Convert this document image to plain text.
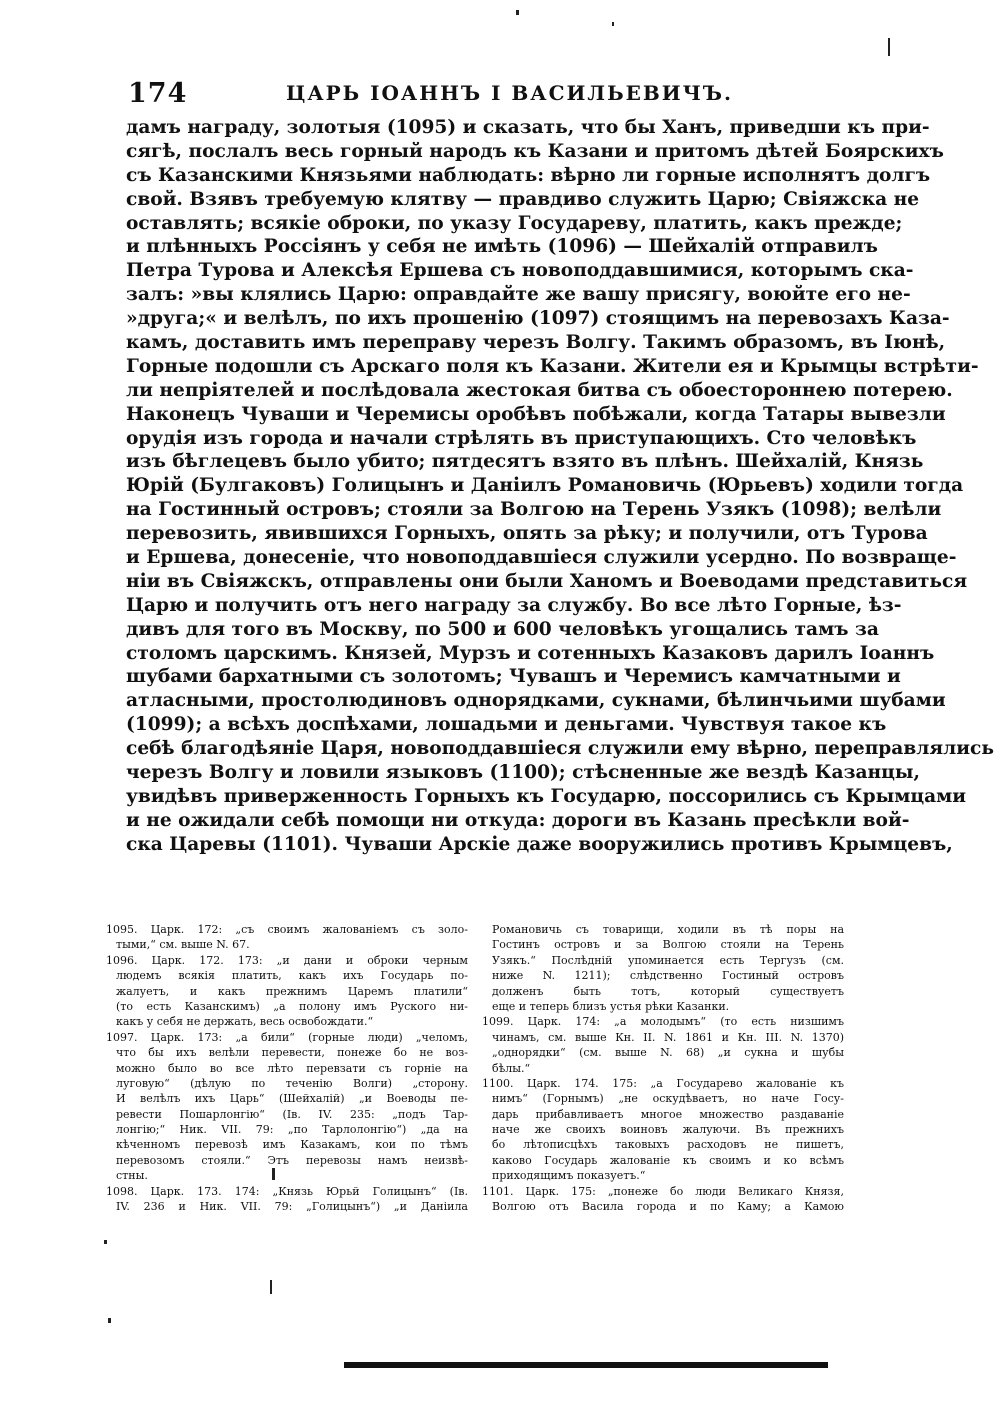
174	ЦАРЬ ІОАННЪ І ВАСИЛЬЕВИЧЪ.
дамъ награду, золотыя (1095) и сказать, что бы Ханъ, приведши къ при-
сягѣ, послалъ весь горный народъ къ Казани и притомъ дѣтей Боярскихъ
съ Казанскими Князьями наблюдать: вѣрно ли горные исполнятъ долгъ
свой. Взявъ требуемую клятву — правдиво служить Царю; Свіяжска не
оставлять; всякіе оброки, по указу Государеву, платить, какъ прежде;
и плѣнныхъ Россіянъ у себя не имѣть (1096) — Шейхалій отправилъ
Петра Турова и Алексѣя Ершева съ новоподдавшимися, которымъ ска-
залъ: »вы клялись Царю: оправдайте же вашу присягу, воюйте его не-
»друга;« и велѣлъ, по ихъ прошенію (1097) стоящимъ на перевозахъ Каза-
камъ, доставить имъ переправу черезъ Волгу. Такимъ образомъ, въ Іюнѣ,
Горные подошли съ Арскаго поля къ Казани. Жители ея и Крымцы встрѣти-
ли непріятелей и послѣдовала жестокая битва съ обоестороннею потерею.
Наконецъ Чуваши и Черемисы оробѣвъ побѣжали, когда Татары вывезли
орудія изъ города и начали стрѣлять въ приступающихъ. Сто человѣкъ
изъ бѣглецевъ было убито; пятдесятъ взято въ плѣнъ. Шейхалій, Князь
Юрій (Булгаковъ) Голицынъ и Даніилъ Романовичь (Юрьевъ) ходили тогда
на Гостинный островъ; стояли за Волгою на Терень Узякъ (1098); велѣли
перевозить, явившихся Горныхъ, опять за рѣку; и получили, отъ Турова
и Ершева, донесеніе, что новоподдавшіеся служили усердно. По возвраще-
ніи въ Свіяжскъ, отправлены они были Ханомъ и Воеводами представиться
Царю и получить отъ него награду за службу. Во все лѣто Горные, ѣз-
дивъ для того въ Москву, по 500 и 600 человѣкъ угощались тамъ за
столомъ царскимъ. Князей, Мурзъ и сотенныхъ Казаковъ дарилъ Іоаннъ
шубами бархатными съ золотомъ; Чувашъ и Черемисъ камчатными и
атласными, простолюдиновъ однорядками, сукнами, бѣлинчьими шубами
(1099); а всѣхъ доспѣхами, лошадьми и деньгами. Чувствуя такое къ
себѣ благодѣяніе Царя, новоподдавшіеся служили ему вѣрно, переправлялись
черезъ Волгу и ловили языковъ (1100); стѣсненные же вездѣ Казанцы,
увидѣвъ приверженность Горныхъ къ Государю, поссорились съ Крымцами
и не ожидали себѣ помощи ни откуда: дороги въ Казань пресѣкли вой-
ска Царевы (1101). Чуваши Арскіе даже вооружились противъ Крымцевъ,
1095. Царк. 172: „съ своимъ жалованіемъ съ золо-
тыми,“ см. выше N. 67.
1096. Царк. 172. 173: „и дани и оброки черным
людемъ всякія платить, какъ ихъ Государь по-
жалуетъ, и какъ прежнимъ Царемъ платили“
(то есть Казанскимъ) „а полону имъ Руского ни-
какъ у себя не держать, весь освобождати.“
1097. Царк. 173: „а били“ (горные люди) „челомъ,
что бы ихъ велѣли перевести, понеже бо не воз-
можно было во все лѣто перевзати съ горніе на
луговую“ (дѣлую по теченію Волги) „сторону.
И велѣлъ ихъ Царь“ (Шейхалій) „и Воеводы пе-
ревести Пошарлонгію“ (Ів. IV. 235: „подъ Тар-
лонгію;“ Ник. VII. 79: „по Тарлолонгію“) „да на
кѣченномъ перевозѣ имъ Казакамъ, кои по тѣмъ
перевозомъ стояли.“ Этъ перевозы намъ неизвѣ-
стны.
1098. Царк. 173. 174: „Князь Юрьй Голицынъ“ (Ів.
IV. 236 и Ник. VII. 79: „Голицынъ“) „и Даніила
Романовичь съ товарищи, ходили въ тѣ поры на
Гостинъ островъ и за Волгою стояли на Терень
Узякъ.“ Послѣдній упоминается есть Тергузъ (см.
ниже N. 1211); слѣдственно Гостиный островъ
долженъ быть тотъ, который существуетъ
еще и теперь близъ устья рѣки Казанки.
1099. Царк. 174: „а молодымъ“ (то есть низшимъ
чинамъ, см. выше Кн. II. N. 1861 и Кн. III. N. 1370)
„однорядки“ (см. выше N. 68) „и сукна и шубы
бѣлы.“
1100. Царк. 174. 175: „а Государево жалованіе къ
нимъ“ (Горнымъ) „не оскудѣваетъ, но наче Госу-
дарь прибавливаетъ многое множество раздаваніе
наче же своихъ воиновъ жалуючи. Въ прежнихъ
бо лѣтописцѣхъ таковыхъ расходовъ не пишетъ,
каково Государь жалованіе къ своимъ и ко всѣмъ
приходящимъ показуетъ.“
1101. Царк. 175: „понеже бо люди Великаго Князя,
Волгою отъ Васила города и по Каму; а Камою
